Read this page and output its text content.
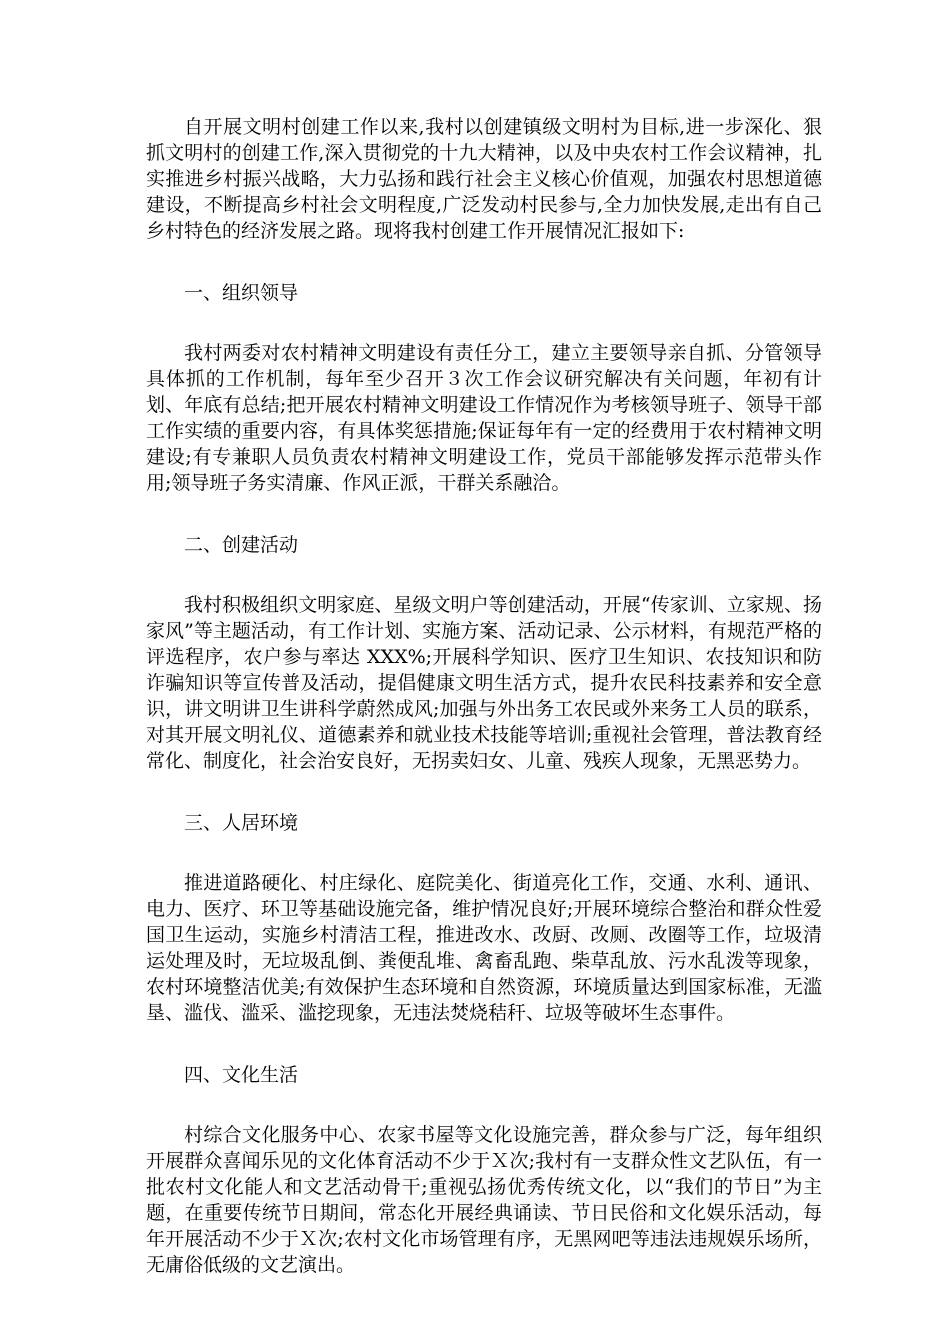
自开展文明村创建工作以来,我村以创建镇级文明村为目标,进一步深化、狠抓文明村的创建工作,深入贯彻党的十九大精神，以及中央农村工作会议精神，扎实推进乡村振兴战略，大力弘扬和践行社会主义核心价值观，加强农村思想道德建设，不断提高乡村社会文明程度,广泛发动村民参与,全力加快发展,走出有自己乡村特色的经济发展之路。现将我村创建工作开展情况汇报如下:

一、组织领导

我村两委对农村精神文明建设有责任分工，建立主要领导亲自抓、分管领导具体抓的工作机制，每年至少召开３次工作会议研究解决有关问题，年初有计划、年底有总结;把开展农村精神文明建设工作情况作为考核领导班子、领导干部工作实绩的重要内容，有具体奖惩措施;保证每年有一定的经费用于农村精神文明建设;有专兼职人员负责农村精神文明建设工作，党员干部能够发挥示范带头作用;领导班子务实清廉、作风正派，干群关系融洽。

二、创建活动

我村积极组织文明家庭、星级文明户等创建活动，开展“传家训、立家规、扬家风”等主题活动，有工作计划、实施方案、活动记录、公示材料，有规范严格的评选程序，农户参与率达 XXX%;开展科学知识、医疗卫生知识、农技知识和防诈骗知识等宣传普及活动，提倡健康文明生活方式，提升农民科技素养和安全意识，讲文明讲卫生讲科学蔚然成风;加强与外出务工农民或外来务工人员的联系，对其开展文明礼仪、道德素养和就业技术技能等培训;重视社会管理，普法教育经常化、制度化，社会治安良好，无拐卖妇女、儿童、残疾人现象，无黑恶势力。

三、人居环境

推进道路硬化、村庄绿化、庭院美化、街道亮化工作，交通、水利、通讯、电力、医疗、环卫等基础设施完备，维护情况良好;开展环境综合整治和群众性爱国卫生运动，实施乡村清洁工程，推进改水、改厨、改厕、改圈等工作，垃圾清运处理及时，无垃圾乱倒、粪便乱堆、禽畜乱跑、柴草乱放、污水乱泼等现象，农村环境整洁优美;有效保护生态环境和自然资源，环境质量达到国家标准，无滥垦、滥伐、滥采、滥挖现象，无违法焚烧秸秆、垃圾等破坏生态事件。

四、文化生活

村综合文化服务中心、农家书屋等文化设施完善，群众参与广泛，每年组织开展群众喜闻乐见的文化体育活动不少于Ｘ次;我村有一支群众性文艺队伍，有一批农村文化能人和文艺活动骨干;重视弘扬优秀传统文化，以“我们的节日”为主题，在重要传统节日期间，常态化开展经典诵读、节日民俗和文化娱乐活动，每年开展活动不少于Ｘ次;农村文化市场管理有序，无黑网吧等违法违规娱乐场所，无庸俗低级的文艺演出。
